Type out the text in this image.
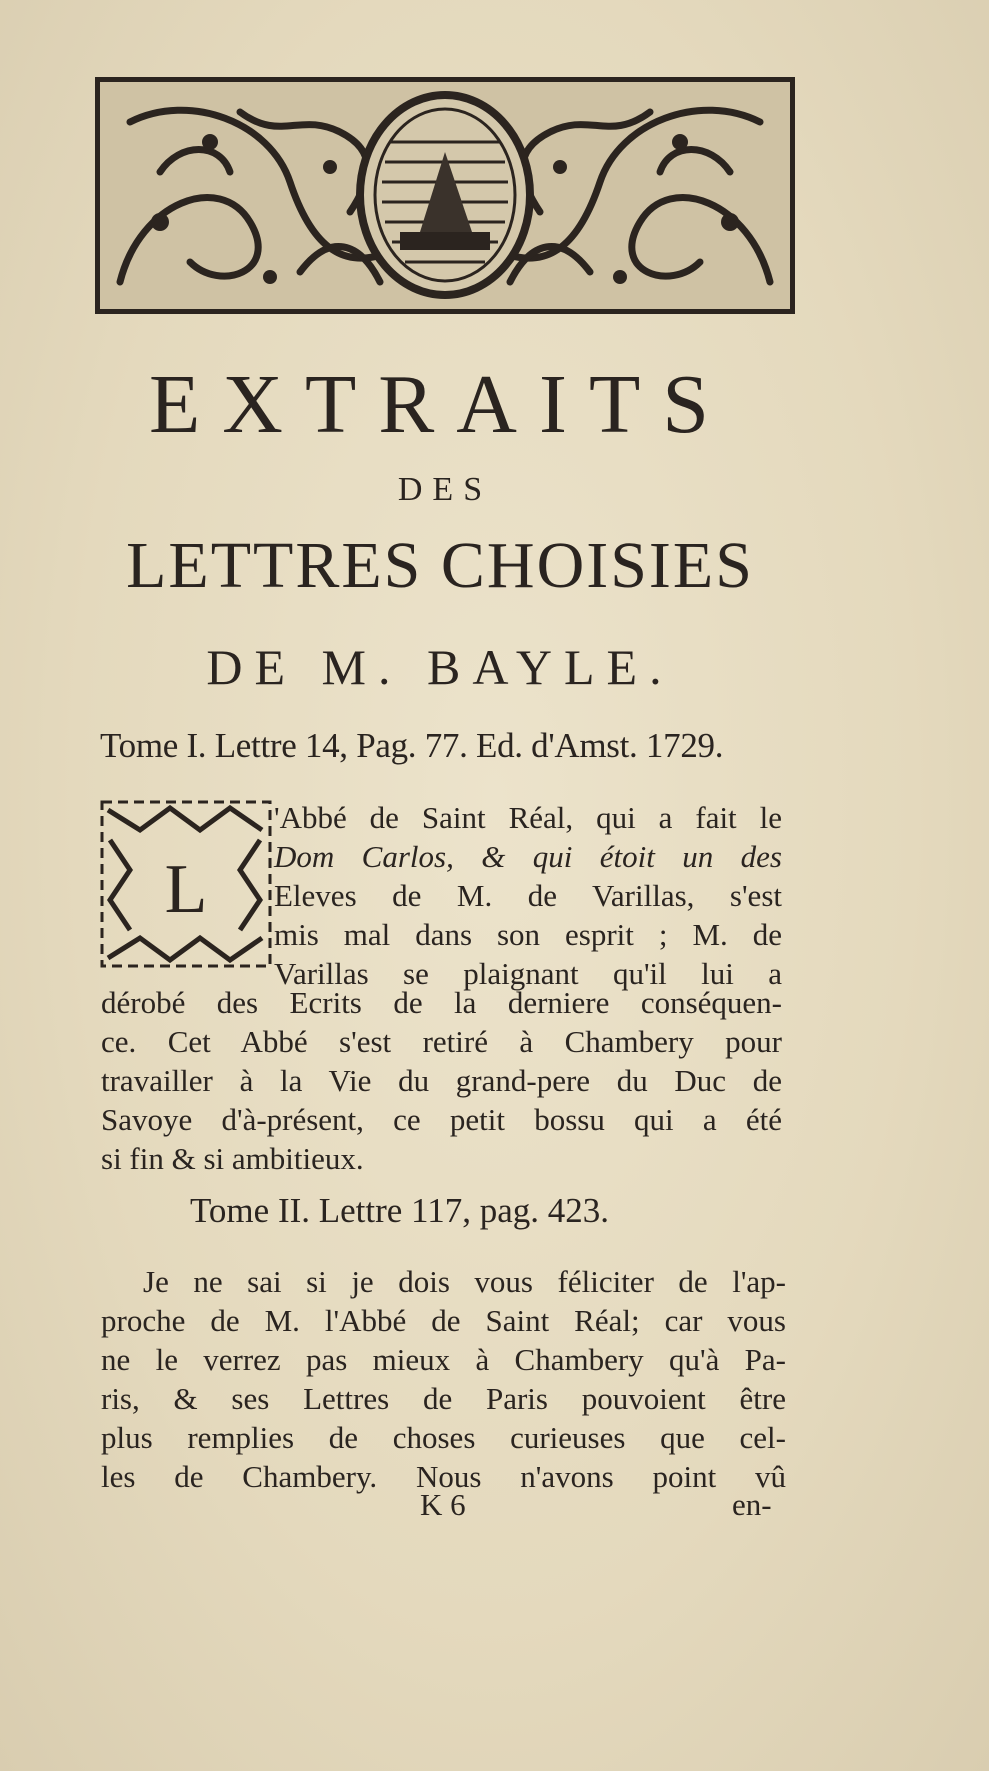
EXTRAITS
DES
LETTRES CHOISIES
DE M. BAYLE.

Tome I. Lettre 14, Pag. 77. Ed. d'Amst. 1729.

L
'Abbé de Saint Réal, qui a fait le
Dom Carlos, & qui étoit un des
Eleves de M. de Varillas, s'est
mis mal dans son esprit ; M. de
Varillas se plaignant qu'il lui a
dérobé des Ecrits de la derniere conséquen-
ce. Cet Abbé s'est retiré à Chambery pour
travailler à la Vie du grand-pere du Duc de
Savoye d'à-présent, ce petit bossu qui a été
si fin & si ambitieux.

Tome II. Lettre 117, pag. 423.

Je ne sai si je dois vous féliciter de l'ap-
proche de M. l'Abbé de Saint Réal; car vous
ne le verrez pas mieux à Chambery qu'à Pa-
ris, & ses Lettres de Paris pouvoient être
plus remplies de choses curieuses que cel-
les de Chambery. Nous n'avons point vû

K 6	en-
